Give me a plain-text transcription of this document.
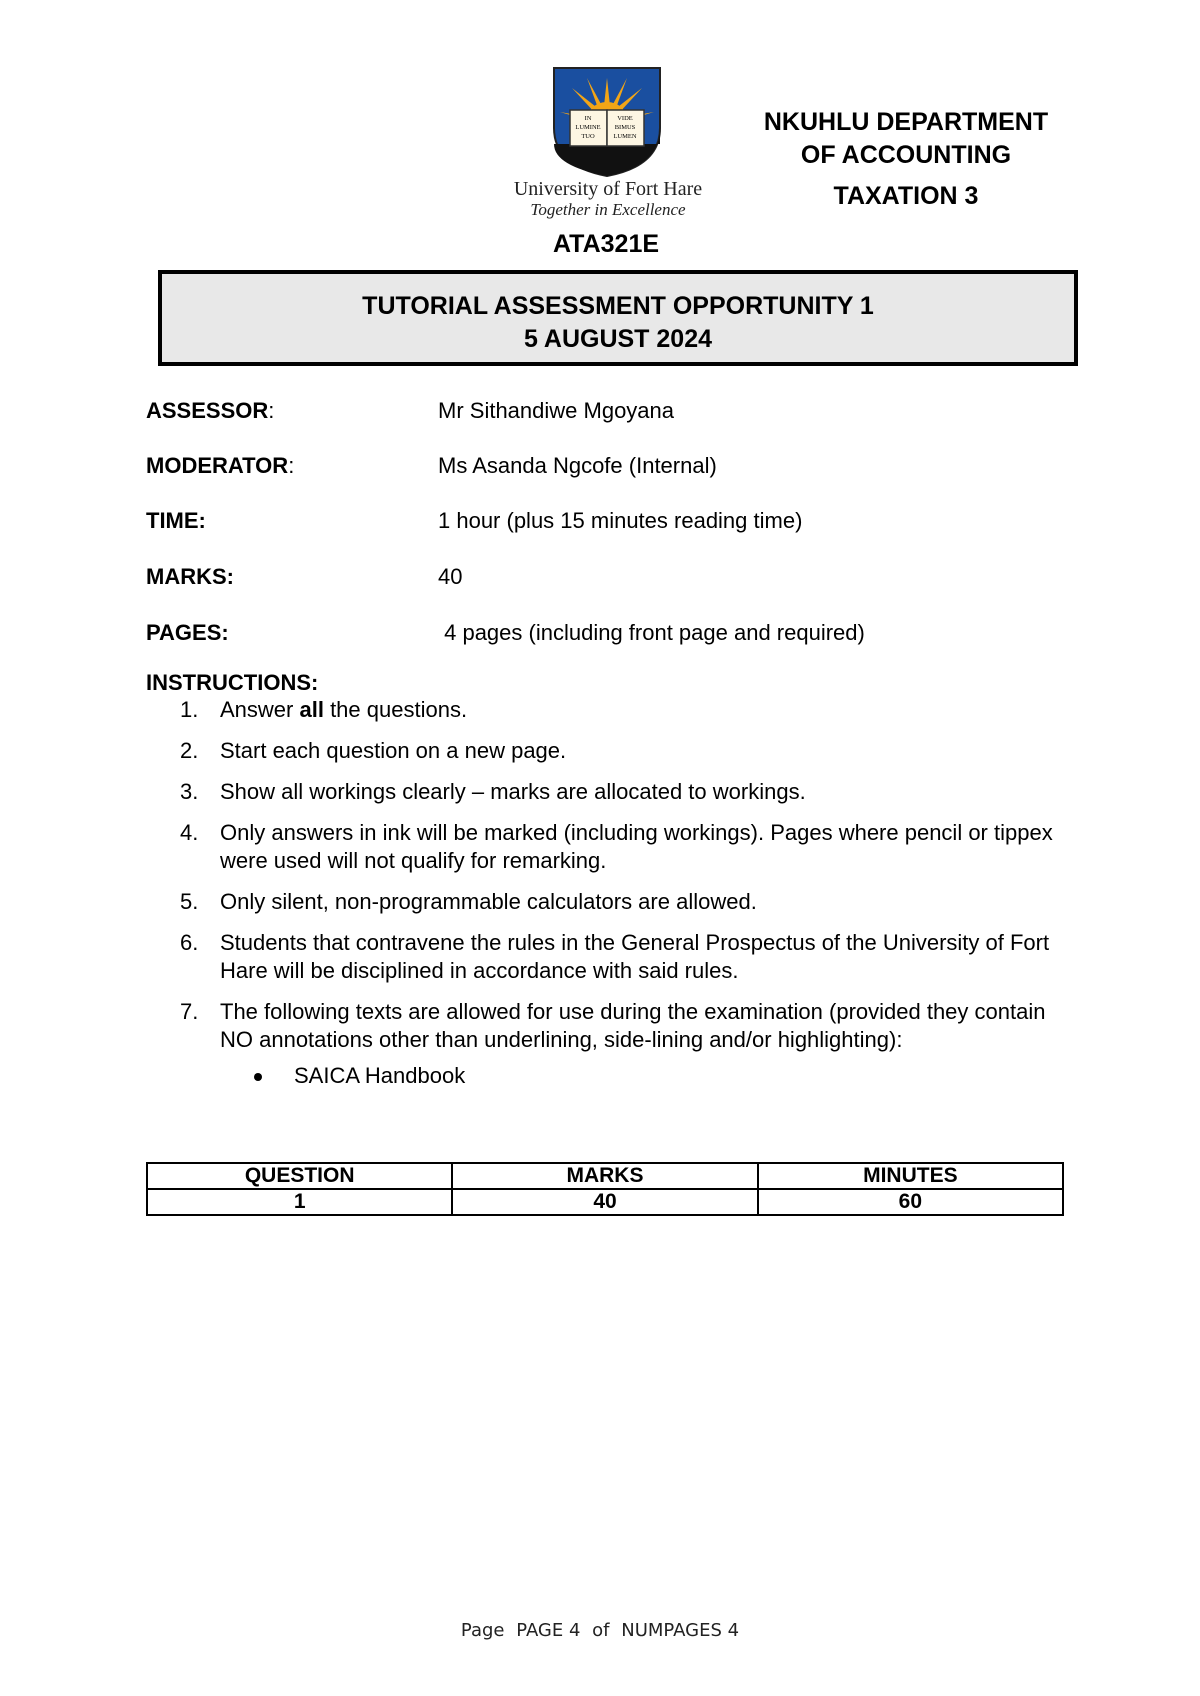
IN
LUMINE
TUO
VIDE
BIMUS
LUMEN
University of Fort Hare
Together in Excellence
ATA321E
NKUHLU DEPARTMENT
OF ACCOUNTING
TAXATION 3
TUTORIAL ASSESSMENT OPPORTUNITY 1
5 AUGUST 2024
ASSESSOR:	Mr Sithandiwe Mgoyana
MODERATOR:	Ms Asanda Ngcofe (Internal)
TIME:	1 hour (plus 15 minutes reading time)
MARKS:	40
PAGES:	4 pages (including front page and required)
INSTRUCTIONS:
1. Answer all the questions.
2. Start each question on a new page.
3. Show all workings clearly – marks are allocated to workings.
4. Only answers in ink will be marked (including workings). Pages where pencil or tippex were used will not qualify for remarking.
5. Only silent, non-programmable calculators are allowed.
6. Students that contravene the rules in the General Prospectus of the University of Fort Hare will be disciplined in accordance with said rules.
7. The following texts are allowed for use during the examination (provided they contain NO annotations other than underlining, side-lining and/or highlighting):
SAICA Handbook
QUESTION	MARKS	MINUTES
1	40	60
Page PAGE 4 of NUMPAGES 4
